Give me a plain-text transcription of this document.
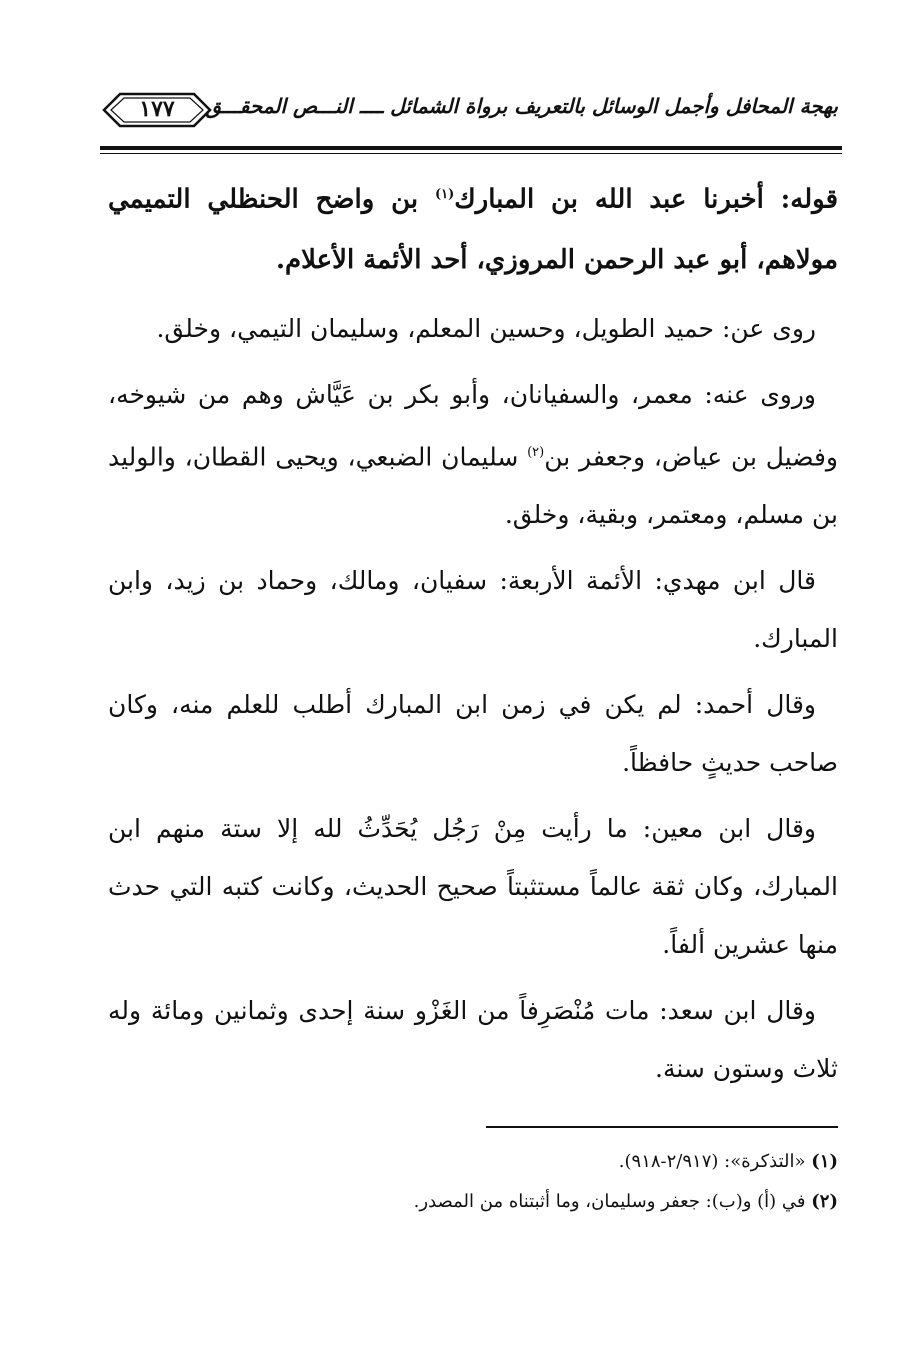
١٧٧	بهجة المحافل وأجمل الوسائل بالتعريف برواة الشمائل ــــ النـــص المحقـــق

قوله: أخبرنا عبد الله بن المبارك$^{(١)}$ بن واضح الحنظلي التميمي مولاهم، أبو عبد الرحمن المروزي، أحد الأئمة الأعلام.

روى عن: حميد الطويل، وحسين المعلم، وسليمان التيمي، وخلق.

وروى عنه: معمر، والسفيانان، وأبو بكر بن عَيَّاش وهم من شيوخه، وفضيل بن عياض، وجعفر بن$^{(٢)}$ سليمان الضبعي، ويحيى القطان، والوليد بن مسلم، ومعتمر، وبقية، وخلق.

قال ابن مهدي: الأئمة الأربعة: سفيان، ومالك، وحماد بن زيد، وابن المبارك.

وقال أحمد: لم يكن في زمن ابن المبارك أطلب للعلم منه، وكان صاحب حديثٍ حافظاً.

وقال ابن معين: ما رأيت مِنْ رَجُل يُحَدِّثُ لله إلا ستة منهم ابن المبارك، وكان ثقة عالماً مستثبتاً صحيح الحديث، وكانت كتبه التي حدث منها عشرين ألفاً.

وقال ابن سعد: مات مُنْصَرِفاً من الغَزْو سنة إحدى وثمانين ومائة وله ثلاث وستون سنة.

(١) «التذكرة»: (٢/٩١٧-٩١٨).
(٢) في (أ) و(ب): جعفر وسليمان، وما أثبتناه من المصدر.
